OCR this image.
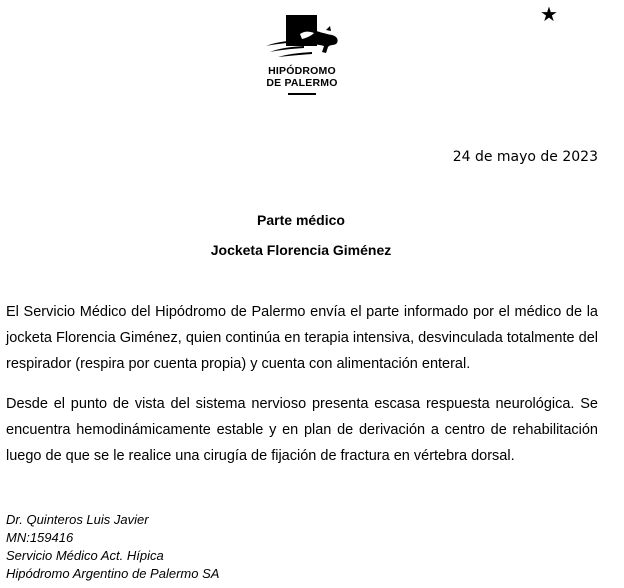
HIPÓDROMO
DE PALERMO
★
24 de mayo de 2023
Parte médico
Jocketa Florencia Giménez
El Servicio Médico del Hipódromo de Palermo envía el parte informado por el médico de la jocketa Florencia Giménez, quien continúa en terapia intensiva, desvinculada totalmente del respirador (respira por cuenta propia) y cuenta con alimentación enteral.
Desde el punto de vista del sistema nervioso presenta escasa respuesta neurológica. Se encuentra hemodinámicamente estable y en plan de derivación a centro de rehabilitación luego de que se le realice una cirugía de fijación de fractura en vértebra dorsal.
Dr. Quinteros Luis Javier
MN:159416
Servicio Médico Act. Hípica
Hipódromo Argentino de Palermo SA
